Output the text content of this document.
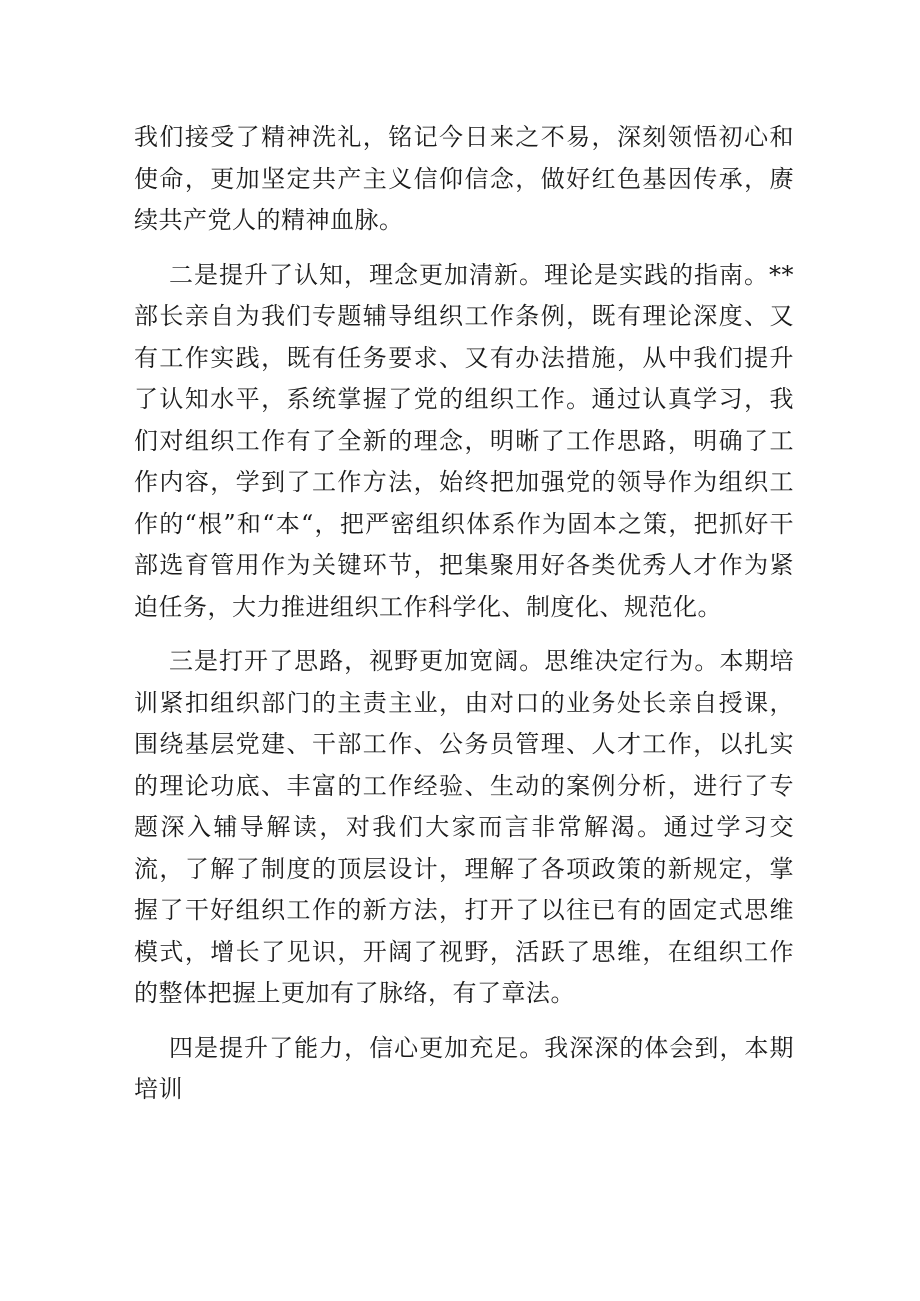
我们接受了精神洗礼，铭记今日来之不易，深刻领悟初心和使命，更加坚定共产主义信仰信念，做好红色基因传承，赓续共产党人的精神血脉。

二是提升了认知，理念更加清新。理论是实践的指南。**部长亲自为我们专题辅导组织工作条例，既有理论深度、又有工作实践，既有任务要求、又有办法措施，从中我们提升了认知水平，系统掌握了党的组织工作。通过认真学习，我们对组织工作有了全新的理念，明晰了工作思路，明确了工作内容，学到了工作方法，始终把加强党的领导作为组织工作的“根”和“本“，把严密组织体系作为固本之策，把抓好干部选育管用作为关键环节，把集聚用好各类优秀人才作为紧迫任务，大力推进组织工作科学化、制度化、规范化。

三是打开了思路，视野更加宽阔。思维决定行为。本期培训紧扣组织部门的主责主业，由对口的业务处长亲自授课，围绕基层党建、干部工作、公务员管理、人才工作，以扎实的理论功底、丰富的工作经验、生动的案例分析，进行了专题深入辅导解读，对我们大家而言非常解渴。通过学习交流，了解了制度的顶层设计，理解了各项政策的新规定，掌握了干好组织工作的新方法，打开了以往已有的固定式思维模式，增长了见识，开阔了视野，活跃了思维，在组织工作的整体把握上更加有了脉络，有了章法。

四是提升了能力，信心更加充足。我深深的体会到，本期培训
